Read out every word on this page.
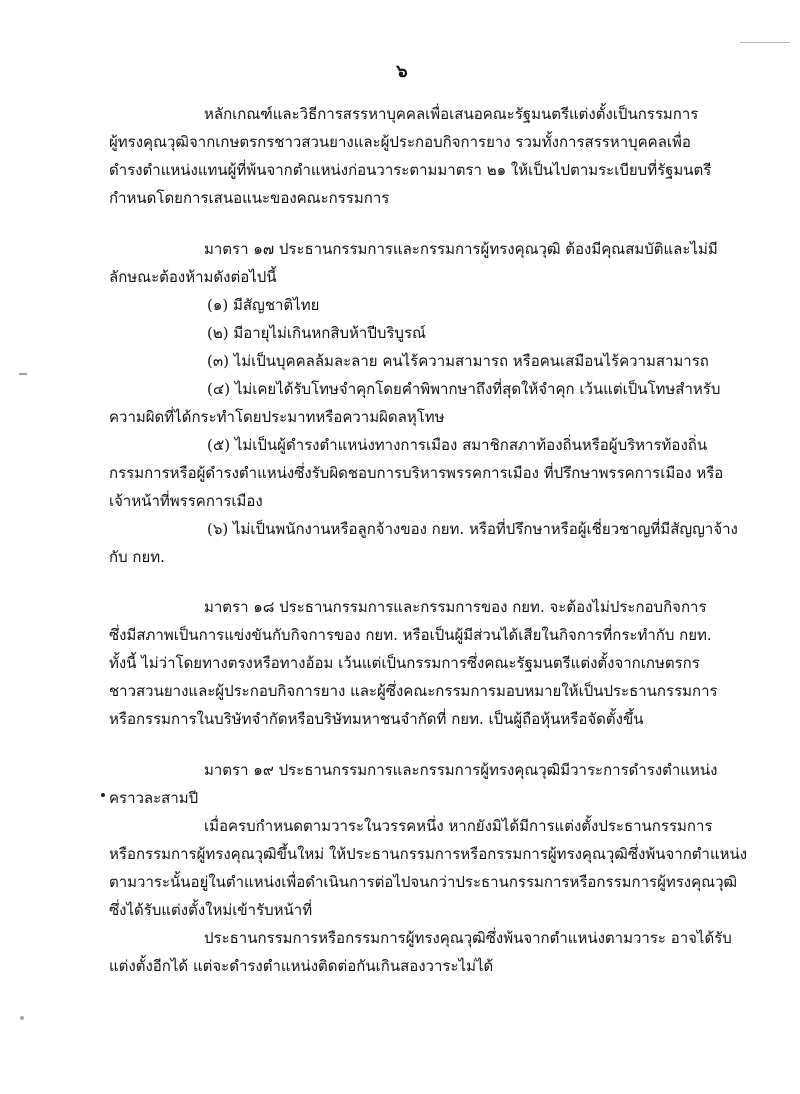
๖
หลักเกณฑ์และวิธีการสรรหาบุคคลเพื่อเสนอคณะรัฐมนตรีแต่งตั้งเป็นกรรมการ
ผู้ทรงคุณวุฒิจากเกษตรกรชาวสวนยางและผู้ประกอบกิจการยาง รวมทั้งการสรรหาบุคคลเพื่อ
ดำรงตำแหน่งแทนผู้ที่พ้นจากตำแหน่งก่อนวาระตามมาตรา ๒๑ ให้เป็นไปตามระเบียบที่รัฐมนตรี
กำหนดโดยการเสนอแนะของคณะกรรมการ
มาตรา ๑๗ ประธานกรรมการและกรรมการผู้ทรงคุณวุฒิ ต้องมีคุณสมบัติและไม่มี
ลักษณะต้องห้ามดังต่อไปนี้
(๑) มีสัญชาติไทย
(๒) มีอายุไม่เกินหกสิบห้าปีบริบูรณ์
(๓) ไม่เป็นบุคคลล้มละลาย คนไร้ความสามารถ หรือคนเสมือนไร้ความสามารถ
(๔) ไม่เคยได้รับโทษจำคุกโดยคำพิพากษาถึงที่สุดให้จำคุก เว้นแต่เป็นโทษสำหรับ
ความผิดที่ได้กระทำโดยประมาทหรือความผิดลหุโทษ
(๕) ไม่เป็นผู้ดำรงตำแหน่งทางการเมือง สมาชิกสภาท้องถิ่นหรือผู้บริหารท้องถิ่น
กรรมการหรือผู้ดำรงตำแหน่งซึ่งรับผิดชอบการบริหารพรรคการเมือง ที่ปรึกษาพรรคการเมือง หรือ
เจ้าหน้าที่พรรคการเมือง
(๖) ไม่เป็นพนักงานหรือลูกจ้างของ กยท. หรือที่ปรึกษาหรือผู้เชี่ยวชาญที่มีสัญญาจ้าง
กับ กยท.
มาตรา ๑๘ ประธานกรรมการและกรรมการของ กยท. จะต้องไม่ประกอบกิจการ
ซึ่งมีสภาพเป็นการแข่งขันกับกิจการของ กยท. หรือเป็นผู้มีส่วนได้เสียในกิจการที่กระทำกับ กยท.
ทั้งนี้ ไม่ว่าโดยทางตรงหรือทางอ้อม เว้นแต่เป็นกรรมการซึ่งคณะรัฐมนตรีแต่งตั้งจากเกษตรกร
ชาวสวนยางและผู้ประกอบกิจการยาง และผู้ซึ่งคณะกรรมการมอบหมายให้เป็นประธานกรรมการ
หรือกรรมการในบริษัทจำกัดหรือบริษัทมหาชนจำกัดที่ กยท. เป็นผู้ถือหุ้นหรือจัดตั้งขึ้น
มาตรา ๑๙ ประธานกรรมการและกรรมการผู้ทรงคุณวุฒิมีวาระการดำรงตำแหน่ง
คราวละสามปี
เมื่อครบกำหนดตามวาระในวรรคหนึ่ง หากยังมิได้มีการแต่งตั้งประธานกรรมการ
หรือกรรมการผู้ทรงคุณวุฒิขึ้นใหม่ ให้ประธานกรรมการหรือกรรมการผู้ทรงคุณวุฒิซึ่งพ้นจากตำแหน่ง
ตามวาระนั้นอยู่ในตำแหน่งเพื่อดำเนินการต่อไปจนกว่าประธานกรรมการหรือกรรมการผู้ทรงคุณวุฒิ
ซึ่งได้รับแต่งตั้งใหม่เข้ารับหน้าที่
ประธานกรรมการหรือกรรมการผู้ทรงคุณวุฒิซึ่งพ้นจากตำแหน่งตามวาระ อาจได้รับ
แต่งตั้งอีกได้ แต่จะดำรงตำแหน่งติดต่อกันเกินสองวาระไม่ได้
